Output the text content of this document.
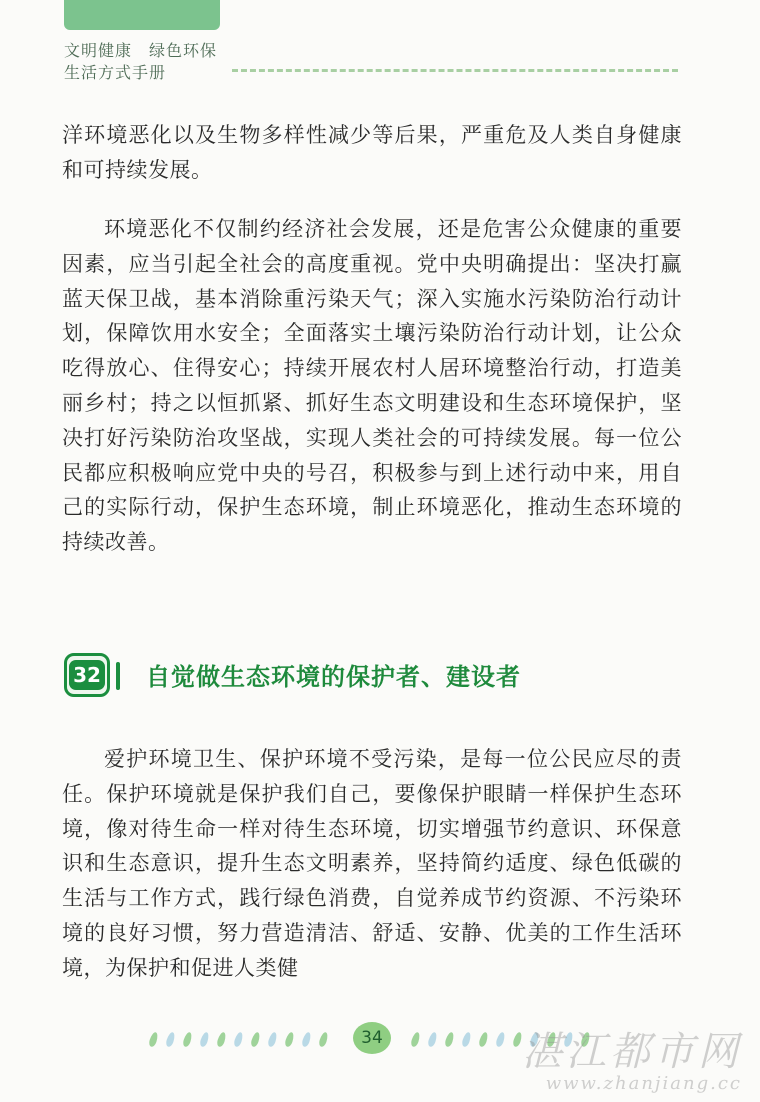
文明健康　绿色环保
生活方式手册

洋环境恶化以及生物多样性减少等后果，严重危及人类自身健康和可持续发展。

环境恶化不仅制约经济社会发展，还是危害公众健康的重要因素，应当引起全社会的高度重视。党中央明确提出：坚决打赢蓝天保卫战，基本消除重污染天气；深入实施水污染防治行动计划，保障饮用水安全；全面落实土壤污染防治行动计划，让公众吃得放心、住得安心；持续开展农村人居环境整治行动，打造美丽乡村；持之以恒抓紧、抓好生态文明建设和生态环境保护，坚决打好污染防治攻坚战，实现人类社会的可持续发展。每一位公民都应积极响应党中央的号召，积极参与到上述行动中来，用自己的实际行动，保护生态环境，制止环境恶化，推动生态环境的持续改善。

32 自觉做生态环境的保护者、建设者

爱护环境卫生、保护环境不受污染，是每一位公民应尽的责任。保护环境就是保护我们自己，要像保护眼睛一样保护生态环境，像对待生命一样对待生态环境，切实增强节约意识、环保意识和生态意识，提升生态文明素养，坚持简约适度、绿色低碳的生活与工作方式，践行绿色消费，自觉养成节约资源、不污染环境的良好习惯，努力营造清洁、舒适、安静、优美的工作生活环境，为保护和促进人类健

34	湛江都市网
www.zhanjiang.cc
